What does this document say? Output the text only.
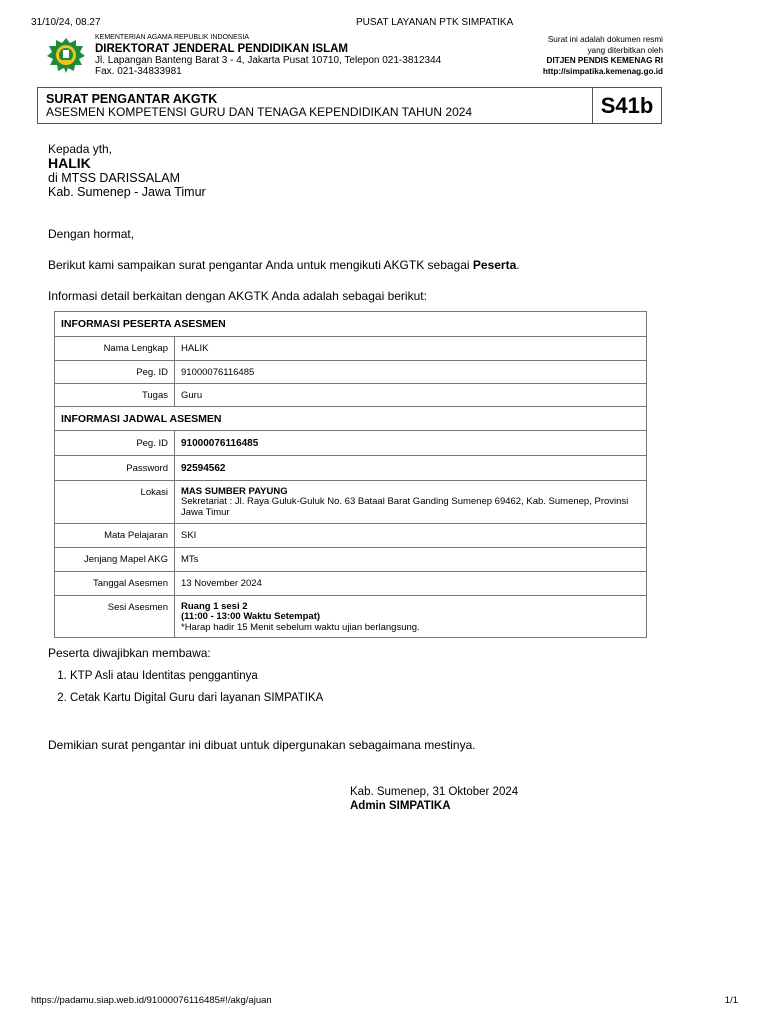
31/10/24, 08.27	PUSAT LAYANAN PTK SIMPATIKA
KEMENTERIAN AGAMA REPUBLIK INDONESIA
DIREKTORAT JENDERAL PENDIDIKAN ISLAM
Jl. Lapangan Banteng Barat 3 - 4, Jakarta Pusat 10710, Telepon 021-3812344
Fax. 021-34833981
Surat ini adalah dokumen resmi
yang diterbitkan oleh
DITJEN PENDIS KEMENAG RI
http://simpatika.kemenag.go.id
SURAT PENGANTAR AKGTK
ASESMEN KOMPETENSI GURU DAN TENAGA KEPENDIDIKAN TAHUN 2024	S41b
Kepada yth,
HALIK
di MTSS DARISSALAM
Kab. Sumenep - Jawa Timur
Dengan hormat,
Berikut kami sampaikan surat pengantar Anda untuk mengikuti AKGTK sebagai Peserta.
Informasi detail berkaitan dengan AKGTK Anda adalah sebagai berikut:
INFORMASI PESERTA ASESMEN	
Nama Lengkap	HALIK
Peg. ID	91000076116485
Tugas	Guru
INFORMASI JADWAL ASESMEN	
Peg. ID	91000076116485
Password	92594562
Lokasi	MAS SUMBER PAYUNG
Sekretariat : Jl. Raya Guluk-Guluk No. 63 Bataal Barat Ganding Sumenep 69462, Kab. Sumenep, Provinsi Jawa Timur

Mata Pelajaran	SKI
Jenjang Mapel AKG	MTs
Tanggal Asesmen	13 November 2024
Sesi Asesmen	Ruang 1 sesi 2
(11:00 - 13:00 Waktu Setempat)
*Harap hadir 15 Menit sebelum waktu ujian berlangsung.
Peserta diwajibkan membawa:
1. KTP Asli atau Identitas penggantinya
2. Cetak Kartu Digital Guru dari layanan SIMPATIKA
Demikian surat pengantar ini dibuat untuk dipergunakan sebagaimana mestinya.
Kab. Sumenep, 31 Oktober 2024
Admin SIMPATIKA
https://padamu.siap.web.id/91000076116485#!/akg/ajuan	1/1
